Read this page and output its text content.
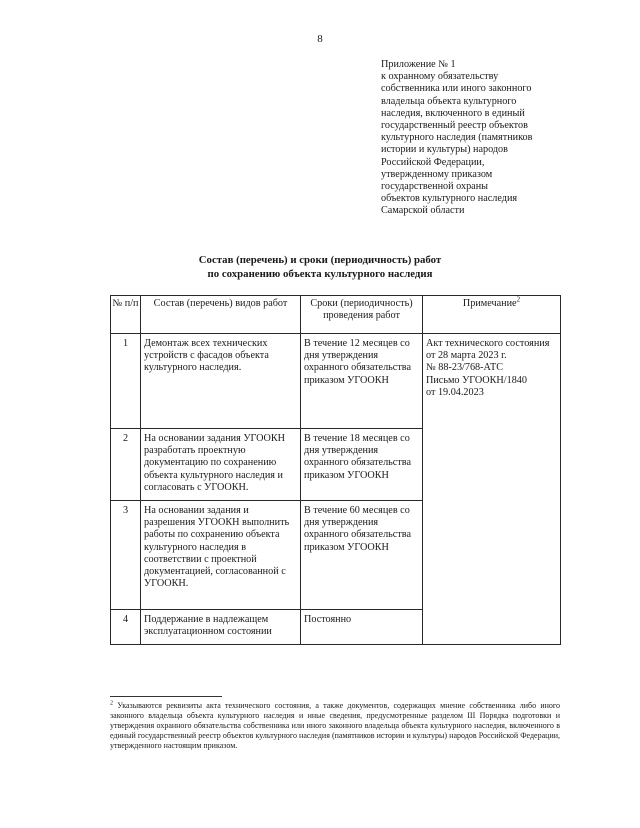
8
Приложение № 1
к охранному обязательству
собственника или иного законного
владельца объекта культурного
наследия, включенного в единый
государственный реестр объектов
культурного наследия (памятников
истории и культуры) народов
Российской Федерации,
утвержденному приказом
государственной охраны
объектов культурного наследия
Самарской области
Состав (перечень) и сроки (периодичность) работ
по сохранению объекта культурного наследия
№ п/п	Состав (перечень) видов работ	Сроки (периодичность) проведения работ	Примечание$^2$
1	Демонтаж всех технических устройств с фасадов объекта культурного наследия.	В течение 12 месяцев со дня утверждения охранного обязательства приказом УГООКН	Акт технического состояния
от 28 марта 2023 г.
№ 88-23/768-АТС
Письмо УГООКН/1840
от 19.04.2023

2	На основании задания УГООКН разработать проектную документацию по сохранению объекта культурного наследия и согласовать с УГООКН.	В течение 18 месяцев со дня утверждения охранного обязательства приказом УГООКН	
3	На основании задания и разрешения УГООКН выполнить работы по сохранению объекта культурного наследия в соответствии с проектной документацией, согласованной с УГООКН.	В течение 60 месяцев со дня утверждения охранного обязательства приказом УГООКН	
4	Поддержание в надлежащем эксплуатационном состоянии	Постоянно	
$^2$ Указываются реквизиты акта технического состояния, а также документов, содержащих мнение собственника либо иного законного владельца объекта культурного наследия и иные сведения, предусмотренные разделом III Порядка подготовки и утверждения охранного обязательства собственника или иного законного владельца объекта культурного наследия, включенного в единый государственный реестр объектов культурного наследия (памятников истории и культуры) народов Российской Федерации, утвержденного настоящим приказом.
